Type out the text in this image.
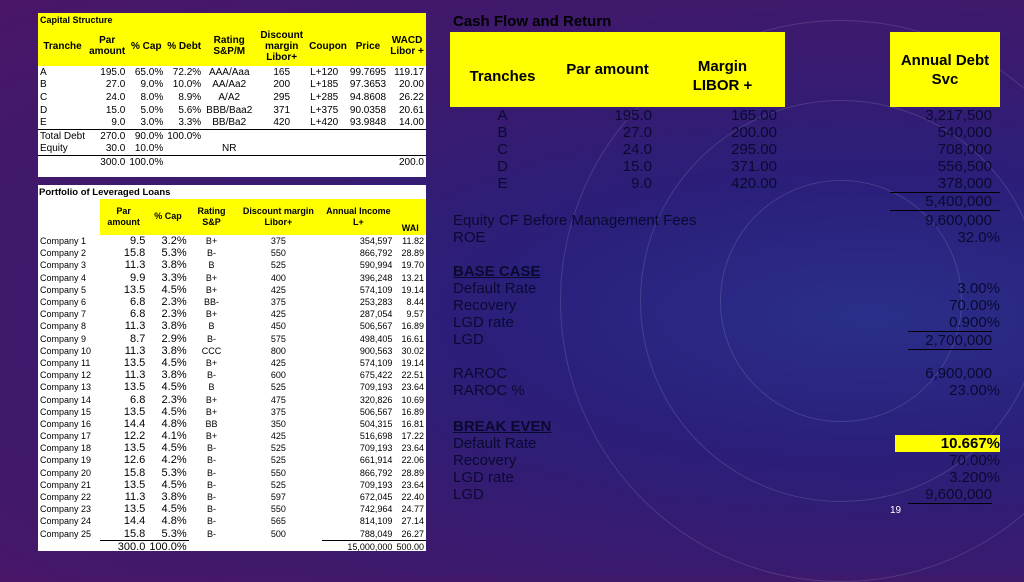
Capital Structure								
Tranche	Par amount	% Cap	% Debt	Rating S&P/M	Discount margin Libor+	Coupon	Price	WACD Libor +
A	195.0	65.0%	72.2%	AAA/Aaa	165	L+120	99.7695	119.17
B	27.0	9.0%	10.0%	AA/Aa2	200	L+185	97.3653	20.00
C	24.0	8.0%	8.9%	A/A2	295	L+285	94.8608	26.22
D	15.0	5.0%	5.6%	BBB/Baa2	371	L+375	90.0358	20.61
E	9.0	3.0%	3.3%	BB/Ba2	420	L+420	93.9848	14.00
Total Debt	270.0	90.0%	100.0%					
Equity	30.0	10.0%		NR				
	300.0	100.0%						200.0
Portfolio of Leveraged Loans						
	Par amount	% Cap	Rating S&P	Discount margin Libor+	Annual Income L+	WAI
Company 1	9.5	3.2%	B+	375	354,597	11.82
Company 2	15.8	5.3%	B-	550	866,792	28.89
Company 3	11.3	3.8%	B	525	590,994	19.70
Company 4	9.9	3.3%	B+	400	396,248	13.21
Company 5	13.5	4.5%	B+	425	574,109	19.14
Company 6	6.8	2.3%	BB-	375	253,283	8.44
Company 7	6.8	2.3%	B+	425	287,054	9.57
Company 8	11.3	3.8%	B	450	506,567	16.89
Company 9	8.7	2.9%	B-	575	498,405	16.61
Company 10	11.3	3.8%	CCC	800	900,563	30.02
Company 11	13.5	4.5%	B+	425	574,109	19.14
Company 12	11.3	3.8%	B-	600	675,422	22.51
Company 13	13.5	4.5%	B	525	709,193	23.64
Company 14	6.8	2.3%	B+	475	320,826	10.69
Company 15	13.5	4.5%	B+	375	506,567	16.89
Company 16	14.4	4.8%	BB	350	504,315	16.81
Company 17	12.2	4.1%	B+	425	516,698	17.22
Company 18	13.5	4.5%	B-	525	709,193	23.64
Company 19	12.6	4.2%	B-	525	661,914	22.06
Company 20	15.8	5.3%	B-	550	866,792	28.89
Company 21	13.5	4.5%	B-	525	709,193	23.64
Company 22	11.3	3.8%	B-	597	672,045	22.40
Company 23	13.5	4.5%	B-	550	742,964	24.77
Company 24	14.4	4.8%	B-	565	814,109	27.14
Company 25	15.8	5.3%	B-	500	788,049	26.27
	300.0	100.0%			15,000,000	500.00
Cash Flow and Return
Tranches	Par amount	Margin LIBOR +		Annual Debt Svc
A	195.0	165.00		3,217,500
B	27.0	200.00		540,000
C	24.0	295.00		708,000
D	15.0	371.00		556,500
E	9.0	420.00		378,000
				5,400,000
Equity CF Before Management Fees	9,600,000
ROE	32.0%
BASE CASE
Default Rate	3.00%
Recovery	70.00%
LGD rate	0.900%
LGD	2,700,000
RAROC	6,900,000
RAROC %	23.00%
BREAK EVEN
Default Rate	10.667%
Recovery	70.00%
LGD rate	3.200%
LGD	9,600,000
19
